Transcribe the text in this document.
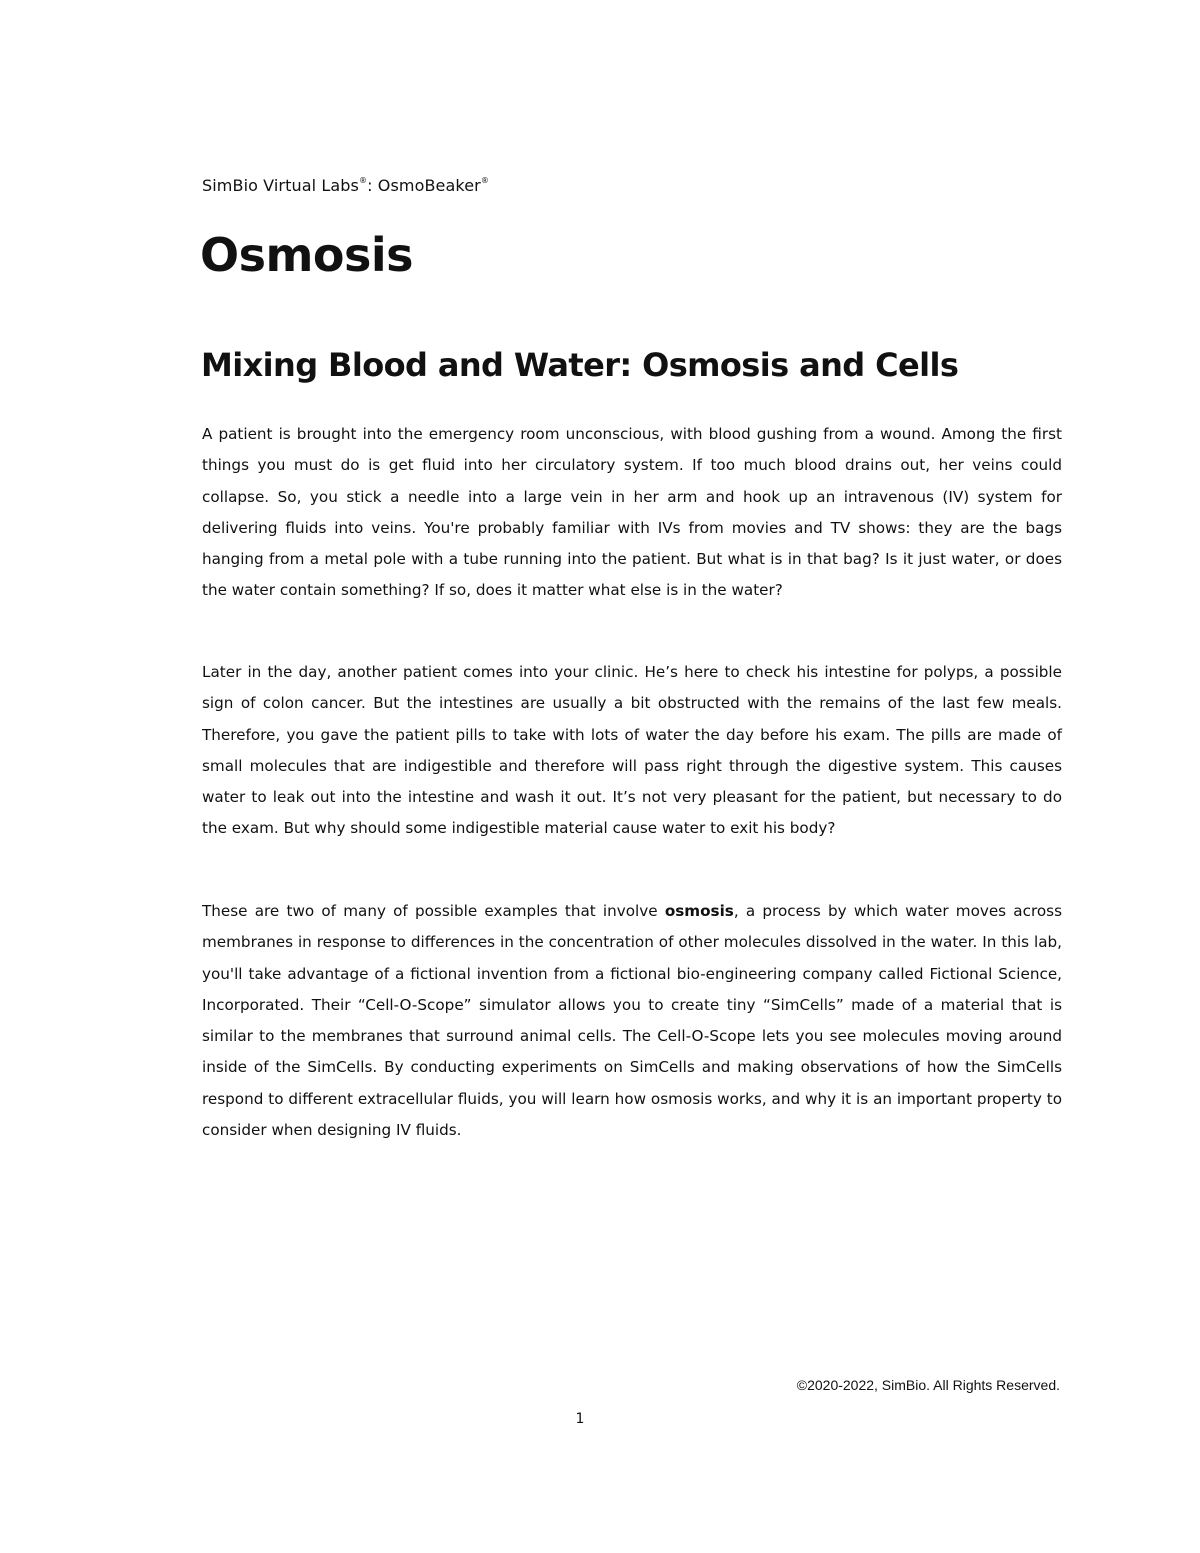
SimBio Virtual Labs®: OsmoBeaker®
Osmosis
Mixing Blood and Water: Osmosis and Cells

A patient is brought into the emergency room unconscious, with blood gushing from a wound. Among the first things you must do is get fluid into her circulatory system. If too much blood drains out, her veins could collapse. So, you stick a needle into a large vein in her arm and hook up an intravenous (IV) system for delivering fluids into veins. You're probably familiar with IVs from movies and TV shows: they are the bags hanging from a metal pole with a tube running into the patient. But what is in that bag? Is it just water, or does the water contain something? If so, does it matter what else is in the water?

Later in the day, another patient comes into your clinic. He’s here to check his intestine for polyps, a possible sign of colon cancer. But the intestines are usually a bit obstructed with the remains of the last few meals. Therefore, you gave the patient pills to take with lots of water the day before his exam. The pills are made of small molecules that are indigestible and therefore will pass right through the digestive system. This causes water to leak out into the intestine and wash it out. It’s not very pleasant for the patient, but necessary to do the exam. But why should some indigestible material cause water to exit his body?

These are two of many of possible examples that involve osmosis, a process by which water moves across membranes in response to differences in the concentration of other molecules dissolved in the water. In this lab, you'll take advantage of a fictional invention from a fictional bio-engineering company called Fictional Science, Incorporated. Their “Cell-O-Scope” simulator allows you to create tiny “SimCells” made of a material that is similar to the membranes that surround animal cells. The Cell-O-Scope lets you see molecules moving around inside of the SimCells. By conducting experiments on SimCells and making observations of how the SimCells respond to different extracellular fluids, you will learn how osmosis works, and why it is an important property to consider when designing IV fluids.

©2020-2022, SimBio. All Rights Reserved.
1
